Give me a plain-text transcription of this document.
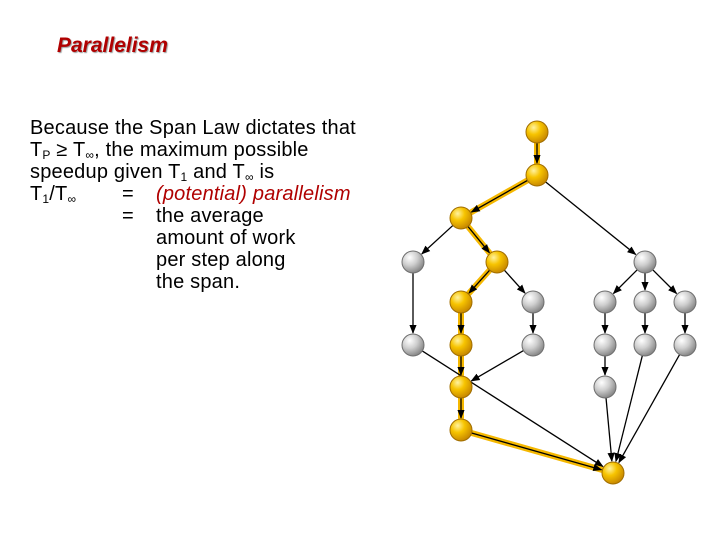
Parallelism
Because the Span Law dictates that
$T_P \ge T_\infty$, the maximum possible
speedup given $T_1$ and $T_\infty$ is
$T_1/T_\infty$ = (potential) parallelism
= the average
amount of work
per step along
the span.
